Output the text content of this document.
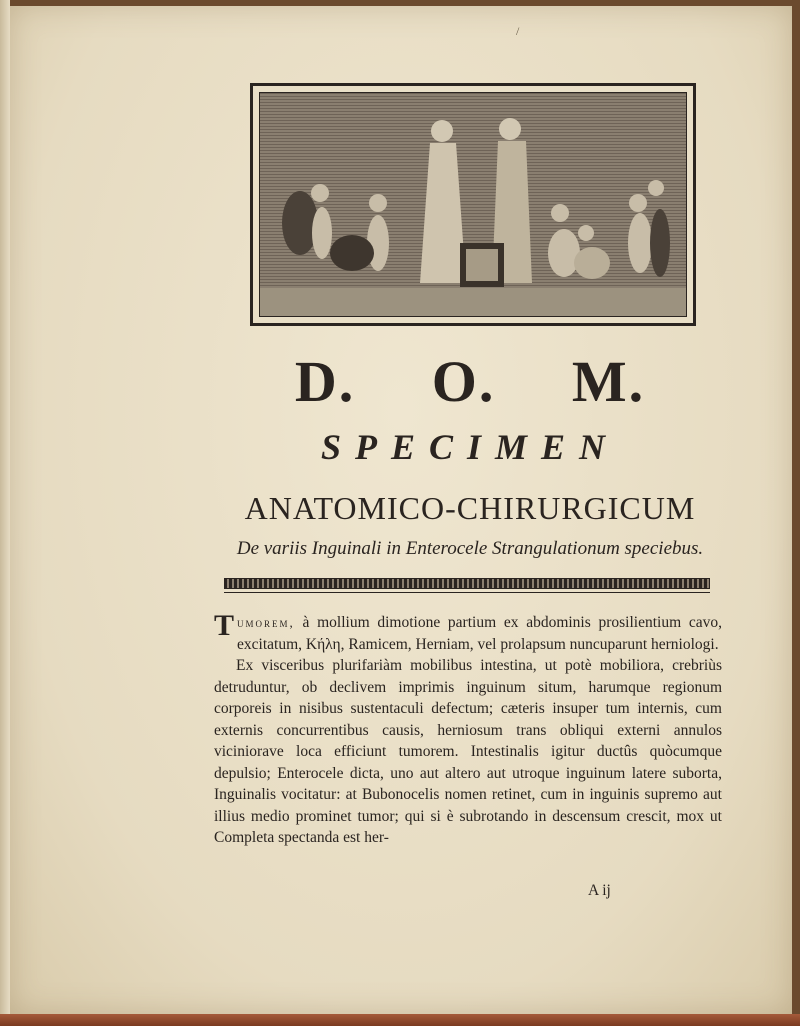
/
D. O. M.
SPECIMEN
ANATOMICO-CHIRURGICUM
De variis Inguinali in Enterocele Strangulationum speciebus.

Tumorem, à mollium dimotione partium ex abdominis prosilientium cavo, excitatum, Κήλη, Ramicem, Herniam, vel prolapsum nuncuparunt herniologi.

Ex visceribus plurifariàm mobilibus intestina, ut potè mobiliora, crebriùs detruduntur, ob declivem imprimis inguinum situm, harumque regionum corporeis in nisibus sustentaculi defectum; cæteris insuper tum internis, cum externis concurrentibus causis, herniosum trans obliqui externi annulos viciniorave loca efficiunt tumorem. Intestinalis igitur ductûs quòcumque depulsio; Enterocele dicta, uno aut altero aut utroque inguinum latere suborta, Inguinalis vocitatur: at Bubonocelis nomen retinet, cum in inguinis supremo aut illius medio prominet tumor; qui si è subrotando in descensum crescit, mox ut Completa spectanda est her-

A ij
